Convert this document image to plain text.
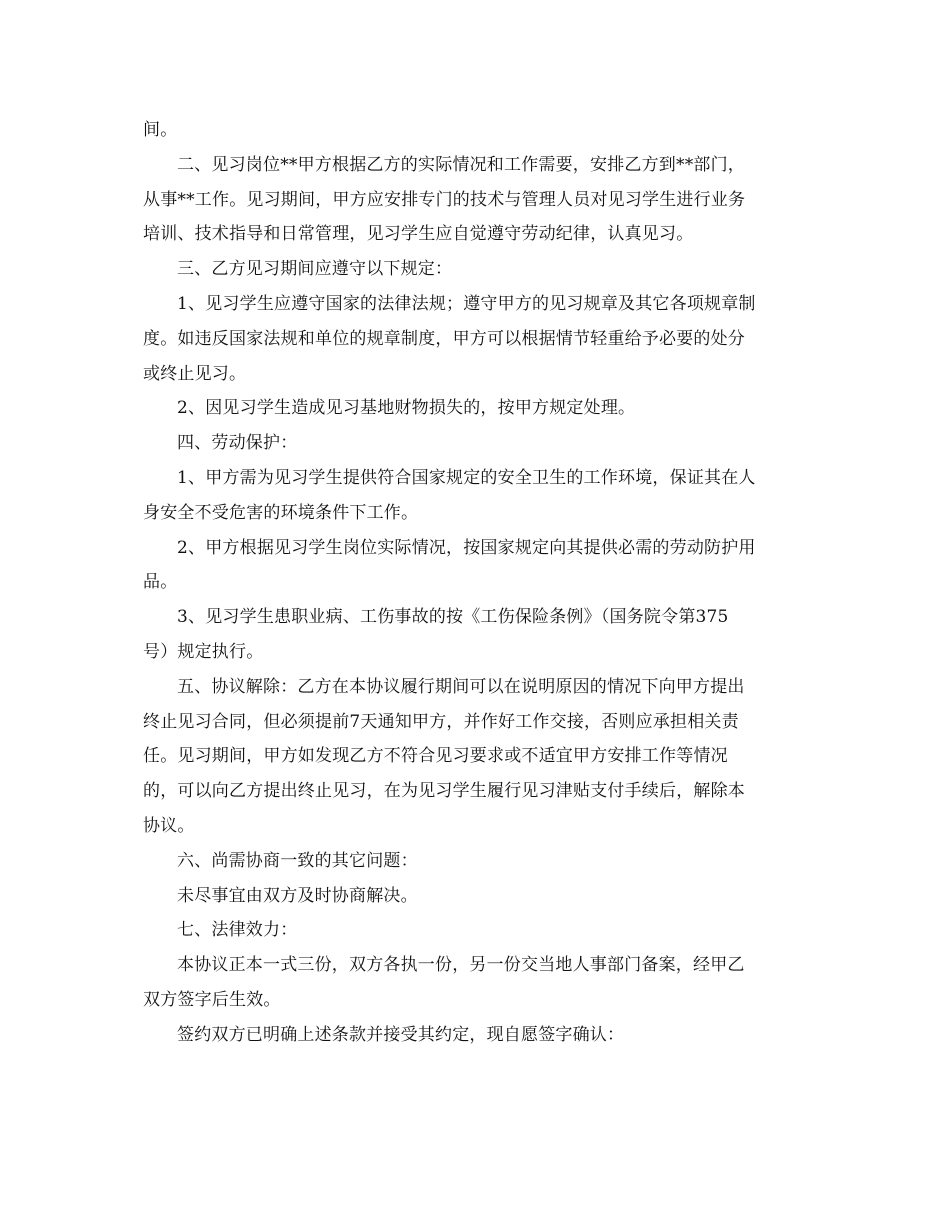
间。
二、见习岗位**甲方根据乙方的实际情况和工作需要，安排乙方到**部门，
从事**工作。见习期间，甲方应安排专门的技术与管理人员对见习学生进行业务
培训、技术指导和日常管理，见习学生应自觉遵守劳动纪律，认真见习。
三、乙方见习期间应遵守以下规定：
1、见习学生应遵守国家的法律法规；遵守甲方的见习规章及其它各项规章制
度。如违反国家法规和单位的规章制度，甲方可以根据情节轻重给予必要的处分
或终止见习。
2、因见习学生造成见习基地财物损失的，按甲方规定处理。
四、劳动保护：
1、甲方需为见习学生提供符合国家规定的安全卫生的工作环境，保证其在人
身安全不受危害的环境条件下工作。
2、甲方根据见习学生岗位实际情况，按国家规定向其提供必需的劳动防护用
品。
3、见习学生患职业病、工伤事故的按《工伤保险条例》（国务院令第375
号）规定执行。
五、协议解除：乙方在本协议履行期间可以在说明原因的情况下向甲方提出
终止见习合同，但必须提前7天通知甲方，并作好工作交接，否则应承担相关责
任。见习期间，甲方如发现乙方不符合见习要求或不适宜甲方安排工作等情况
的，可以向乙方提出终止见习，在为见习学生履行见习津贴支付手续后，解除本
协议。
六、尚需协商一致的其它问题：
未尽事宜由双方及时协商解决。
七、法律效力：
本协议正本一式三份，双方各执一份，另一份交当地人事部门备案，经甲乙
双方签字后生效。
签约双方已明确上述条款并接受其约定，现自愿签字确认：
